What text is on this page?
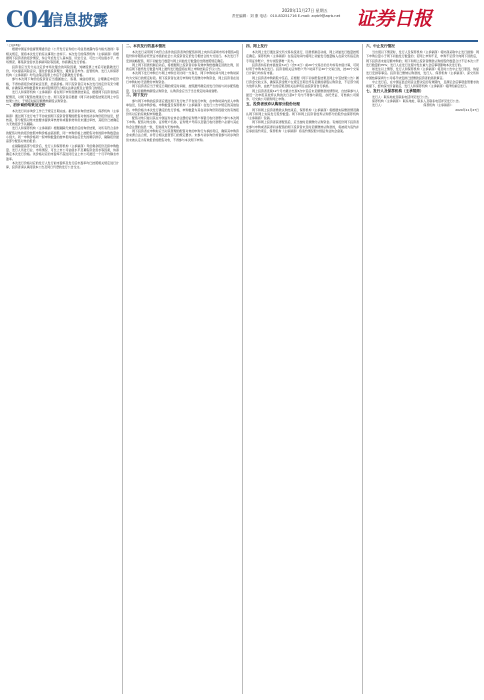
C04
信息披露
2020年11月27日 星期五
责任编辑：刘 康 电话：010-83251716 E-mail: zqrb9@zqrb.net 证券日报
（上接C3版）

根据中国证券监督管理委员会《公开发行证券的公司信息披露内容与格式准则》等相关规定，现将本次发行的有关事项公告如下。本次发行的保荐机构（主承销商）将根据网下投资者的报价情况，综合考虑发行人基本面、所处行业、可比公司估值水平、市场情况、募集资金需求及承销风险等因素，协商确定发行价格。

投资者应当充分关注定价市场化蕴含的风险因素，知晓股票上市后可能跌破发行价，切实提高风险意识，强化价值投资理念，避免盲目炒作。监管机构、发行人和保荐机构（主承销商）均无法保证股票上市后不会跌破发行价格。

参与本次网下询价的投资者应当遵循独立、客观、诚信的原则，合理确定申报价格，不得协商报价或者故意压低、抬高价格。网下投资者应对本次发行的定价有充分理解，并确保其申购数量和未来持股情况符合相关法律法规及主管部门的规定。

发行人和保荐机构（主承销商）将在网下申购及缴款结束后，根据网下投资者的获配情况，对网下配售结果进行公告。网下投资者应根据《网下初步配售结果及网上中签结果公告》，于规定时间足额缴纳新股认购资金。

一、初步询价结果及定价

本次发行初步询价工作已于规定日期完成。截至初步询价结束时，保荐机构（主承销商）通过网下发行电子平台收到网下投资者管理的配售对象的初步询价报价信息，经核查，部分配售对象未按要求提供审核材料或提供材料但未通过审核，其报价已被确定为无效报价予以剔除。

发行人和保荐机构（主承销商）根据剔除无效报价后的询价结果，对所有符合条件的配售对象的报价按照申购价格由高到低、同一申购价格上按配售对象的拟申购数量由小到大、同一申购价格同一拟申购数量的按申报时间由后至先的顺序排序，剔除报价最高部分配售对象的报价。

在剔除最高部分报价后，发行人和保荐机构（主承销商）考虑剩余报价及拟申购数量、发行人所处行业、市场情况、可比上市公司估值水平及募集资金需求等因素，协商确定本次发行价格。该价格对应的市盈率不超过同行业上市公司最近一个月平均静态市盈率。

本次发行价格对应的发行人发行前市盈率及发行后市盈率均已按照相关规定进行计算，投资者请认真阅读本公告及同日刊登的发行公告全文。

二、本次发行的基本情况

本次发行采用网下向符合条件的投资者询价配售和网上向持有深圳市场非限售A股股份和非限售存托凭证市值的社会公众投资者定价发行相结合的方式进行。本次发行不安排战略配售，网下初始发行数量与网上初始发行数量的比例按照规定确定。

网上网下回拨机制启动后，将根据网上投资者初步有效申购倍数确定回拨比例，回拨后网下最终发行数量与网上最终发行数量将在网上申购结束后予以公告。

本次网下发行申购日与网上申购日同为同一交易日，网下申购时间与网上申购时间均为交易日的规定时段。网下投资者在进行申购时无需缴付申购资金，网上投资者在进行申购时亦无需缴付申购资金。

网下投资者应当于规定日期的规定时间前，按照最终确定的发行价格与初步配售数量，及时足额缴纳新股认购资金，认购资金应当于当日规定时间前到账。

三、网下发行

参与网下申购的投资者应通过网下发行电子平台进行申购，在申购时间内录入申购单信息，包括申购价格、申购数量及保荐机构（主承销商）在发行公告中规定的其他信息。申购价格为本次发行确定的发行价格，申购数量为其在初步询价阶段提交的有效报价所对应的有效拟申购数量。

配售对象只能以其在中国证券业协会注册的证券账户和银行收付款账户参与本次网下申购。配售对象全称、证券账户名称、证券账户号码以及银行收付款账户必须与其在协会注册的信息一致，否则视为无效申购。

网下投资者在申购时应当对其管理的配售对象的申购行为承担责任，确保其申购资金来源合法合规，并符合相关监管部门的规定要求。未参与初步询价或者参与初步询价但未被认定为有效报价的配售对象，不得参与本次网下申购。

四、网上发行

本次网上发行通过深交所交易系统进行，回拨机制启动前，网上初始发行数量按规定确定。保荐机构（主承销商）在指定时间内将网上初始发行数量输入在深交所指定的专用证券账户，作为该股票唯一卖方。

投资者持有的市值按其T-2日（含T-2日）前20个交易日的日均持有市值计算，可同时用于申购本次发行。投资者相关证券账户开户时间不足20个交易日的，按20个交易日计算日均持有市值。

网上投资者申购新股中签后，应根据《网下初步配售结果及网上中签结果公告》履行资金交收义务，确保其资金账户在规定日期日终有足额的新股认购资金，不足部分视为放弃认购，由此产生的后果及相关法律责任由投资者自行承担。

网上投资者连续12个月内累计出现3次中签后未足额缴款的情形时，自结算参与人最近一次申报其放弃认购的次日起6个月内不得参与新股、存托凭证、可转换公司债券、可交换公司债券网上申购。

五、投资者放弃认购部分股份处理

网下和网上投资者缴款认购结束后，保荐机构（主承销商）将根据实际缴款情况确认网下和网上实际发行股份数量。网下和网上投资者放弃认购部分的股份由保荐机构（主承销商）包销。

网下和网上投资者获得配售后，应当按时足额缴付认购资金。有效报价网下投资者未参与申购或者获得初步配售的网下投资者未及时足额缴纳认购款的，将被视为违约并应承担违约责任，保荐机构（主承销商）将违约情况报中国证券业协会备案。

六、中止发行情况

当出现以下情况时，发行人及保荐机构（主承销商）将协商采取中止发行措施：网下申购总量小于网下初始发行数量的；若网上申购不足，申购不足部分向网下回拨后，网下投资者未能足额申购的；网下和网上投资者缴款认购的股份数量合计不足本次公开发行数量的70%；发行人在发行过程中发生重大会后事项影响本次发行的。

如发生以上情形，发行人和保荐机构（主承销商）将及时公告中止发行原因、恢复发行安排等事宜。投资者已缴纳认购款的，发行人、保荐机构（主承销商）、深交所和中国结算深圳分公司将尽快安排已经缴款投资者的退款事宜。

中止发行后，在中国证监会同意注册决定的有效期内，且满足会后事项监管要求的前提下，经向深交所备案后，发行人和保荐机构（主承销商）将择机重启发行。

七、发行人及保荐机构（主承销商）

发行人：联系地址及联系电话详见发行公告。

保荐机构（主承销商）：联系地址、联系人及联系电话详见发行公告。

发行人：　　　　　　　　　　　　　　保荐机构（主承销商）：

2020年11月27日
